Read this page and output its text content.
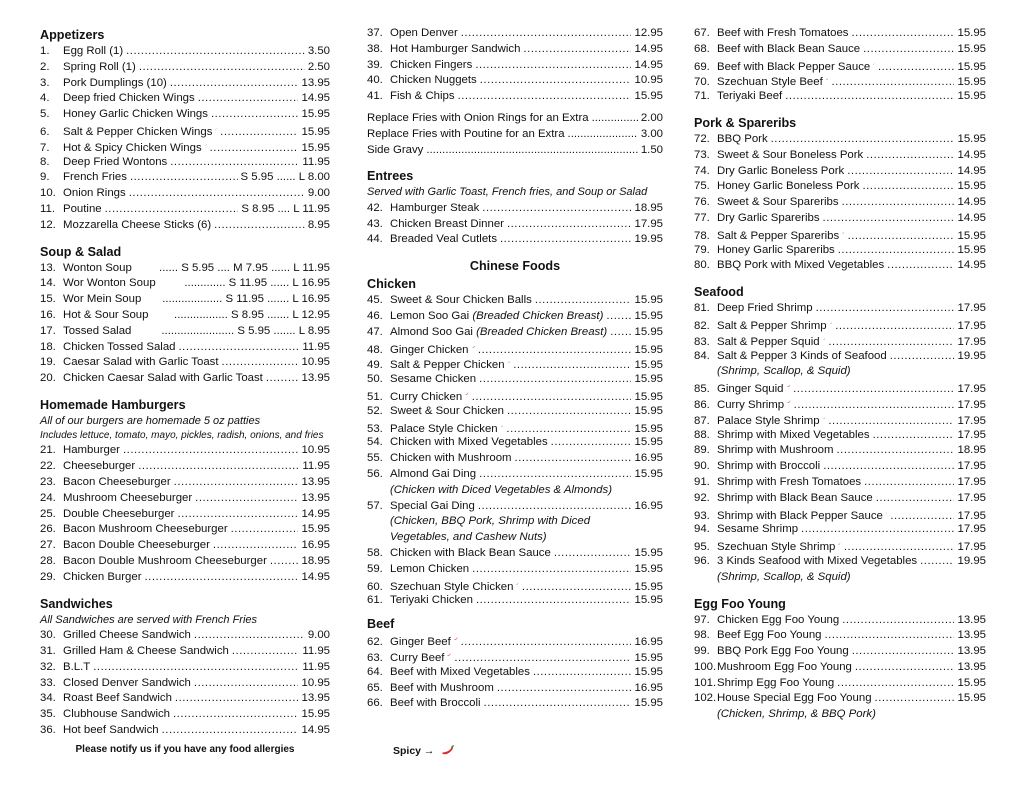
Appetizers
1.	Egg Roll (1) .....	3.50
2.	Spring Roll (1) .....	2.50
3.	Pork Dumplings (10) .....	13.95
4.	Deep fried Chicken Wings .....	14.95
5.	Honey Garlic Chicken Wings .....	15.95
6.	Salt & Pepper Chicken Wings .....	15.95
7.	Hot & Spicy Chicken Wings .....	15.95
8.	Deep Fried Wontons .....	11.95
9.	French Fries .....	S 5.95 ...... L 8.00
10. Onion Rings .....	9.00
11. Poutine .....	S 8.95 .... L 11.95
12. Mozzarella Cheese Sticks (6) .....	8.95
Soup & Salad
13. Wonton Soup ...... S 5.95 .... M 7.95 ...... L 11.95
14. Wor Wonton Soup	............. S 11.95 ...... L 16.95
15. Wor Mein Soup ................... S 11.95 ....... L 16.95
16. Hot & Sour Soup ................. S 8.95 ....... L 12.95
17. Tossed Salad	....................... S 5.95 ....... L 8.95
18. Chicken Tossed Salad .....	11.95
19. Caesar Salad with Garlic Toast .....	10.95
20. Chicken Caesar Salad with Garlic Toast .....	13.95
Homemade Hamburgers
All of our burgers are homemade 5 oz patties
Includes lettuce, tomato, mayo, pickles, radish, onions, and fries
21. Hamburger .....	10.95
22. Cheeseburger .....	11.95
23. Bacon Cheeseburger .....	13.95
24. Mushroom Cheeseburger .....	13.95
25. Double Cheeseburger .....	14.95
26. Bacon Mushroom Cheeseburger .....	15.95
27. Bacon Double Cheeseburger .....	16.95
28. Bacon Double Mushroom Cheeseburger .....	18.95
29. Chicken Burger .....	14.95
Sandwiches
All Sandwiches are served with French Fries
30. Grilled Cheese Sandwich .....	9.00
31. Grilled Ham & Cheese Sandwich .....	11.95
32. B.L.T .....	11.95
33. Closed Denver Sandwich .....	10.95
34. Roast Beef Sandwich .....	13.95
35. Clubhouse Sandwich .....	15.95
36. Hot beef Sandwich .....	14.95
Please notify us if you have any food allergies
37. Open Denver .....	12.95
38. Hot Hamburger Sandwich .....	14.95
39. Chicken Fingers .....	14.95
40. Chicken Nuggets .....	10.95
41. Fish & Chips .....	15.95
Replace Fries with Onion Rings for an Extra .....	2.00
Replace Fries with Poutine for an Extra .....	3.00
Side Gravy .....	1.50
Entrees
Served with Garlic Toast, French fries, and Soup or Salad
42. Hamburger Steak .....	18.95
43. Chicken Breast Dinner .....	17.95
44. Breaded Veal Cutlets .....	19.95
Chinese Foods
Chicken
45. Sweet & Sour Chicken Balls .....	15.95
46. Lemon Soo Gai
(Breaded Chicken Breast) .....	15.95
47. Almond Soo Gai
(Breaded Chicken Breast) ..... 15.95
48. Ginger Chicken .....	15.95
49. Salt & Pepper Chicken .....	15.95
50. Sesame Chicken .....	15.95
51. Curry Chicken .....	15.95
52. Sweet & Sour Chicken .....	15.95
53. Palace Style Chicken .....	15.95
54. Chicken with Mixed Vegetables .....	15.95
55. Chicken with Mushroom .....	16.95
56. Almond Gai Ding .....	15.95
(Chicken with Diced Vegetables & Almonds)
57. Special Gai Ding .....	16.95
(Chicken, BBQ Pork, Shrimp with Diced
Vegetables, and Cashew Nuts)
58. Chicken with Black Bean Sauce .....	15.95
59. Lemon Chicken .....	15.95
60. Szechuan Style Chicken .....	15.95
61. Teriyaki Chicken .....	15.95
Beef
62. Ginger Beef .....	16.95
63. Curry Beef .....	15.95
64. Beef with Mixed Vegetables .....	15.95
65. Beef with Mushroom .....	16.95
66. Beef with Broccoli .....	15.95
Spicy →
67. Beef with Fresh Tomatoes .....	15.95
68. Beef with Black Bean Sauce .....	15.95
69. Beef with Black Pepper Sauce .....	15.95
70. Szechuan Style Beef .....	15.95
71. Teriyaki Beef .....	15.95
Pork & Spareribs
72. BBQ Pork .....	15.95
73. Sweet & Sour Boneless Pork .....	14.95
74. Dry Garlic Boneless Pork .....	14.95
75. Honey Garlic Boneless Pork .....	15.95
76. Sweet & Sour Spareribs .....	14.95
77. Dry Garlic Spareribs .....	14.95
78. Salt & Pepper Spareribs .....	15.95
79. Honey Garlic Spareribs .....	15.95
80. BBQ Pork with Mixed Vegetables .....	14.95
Seafood
81. Deep Fried Shrimp .....	17.95
82. Salt & Pepper Shrimp .....	17.95
83. Salt & Pepper Squid .....	17.95
84. Salt & Pepper 3 Kinds of Seafood .....	19.95
(Shrimp, Scallop, & Squid)
85. Ginger Squid .....	17.95
86. Curry Shrimp .....	17.95
87. Palace Style Shrimp .....	17.95
88. Shrimp with Mixed Vegetables .....	17.95
89. Shrimp with Mushroom .....	18.95
90. Shrimp with Broccoli .....	17.95
91. Shrimp with Fresh Tomatoes .....	17.95
92. Shrimp with Black Bean Sauce .....	17.95
93. Shrimp with Black Pepper Sauce .....	17.95
94. Sesame Shrimp .....	17.95
95. Szechuan Style Shrimp .....	17.95
96. 3 Kinds Seafood with Mixed Vegetables .....	19.95
(Shrimp, Scallop, & Squid)
Egg Foo Young
97. Chicken Egg Foo Young .....	13.95
98. Beef Egg Foo Young .....	13.95
99. BBQ Pork Egg Foo Young .....	13.95
100. Mushroom Egg Foo Young .....	13.95
101. Shrimp Egg Foo Young .....	15.95
102. House Special Egg Foo Young .....	15.95
(Chicken, Shrimp, & BBQ Pork)
